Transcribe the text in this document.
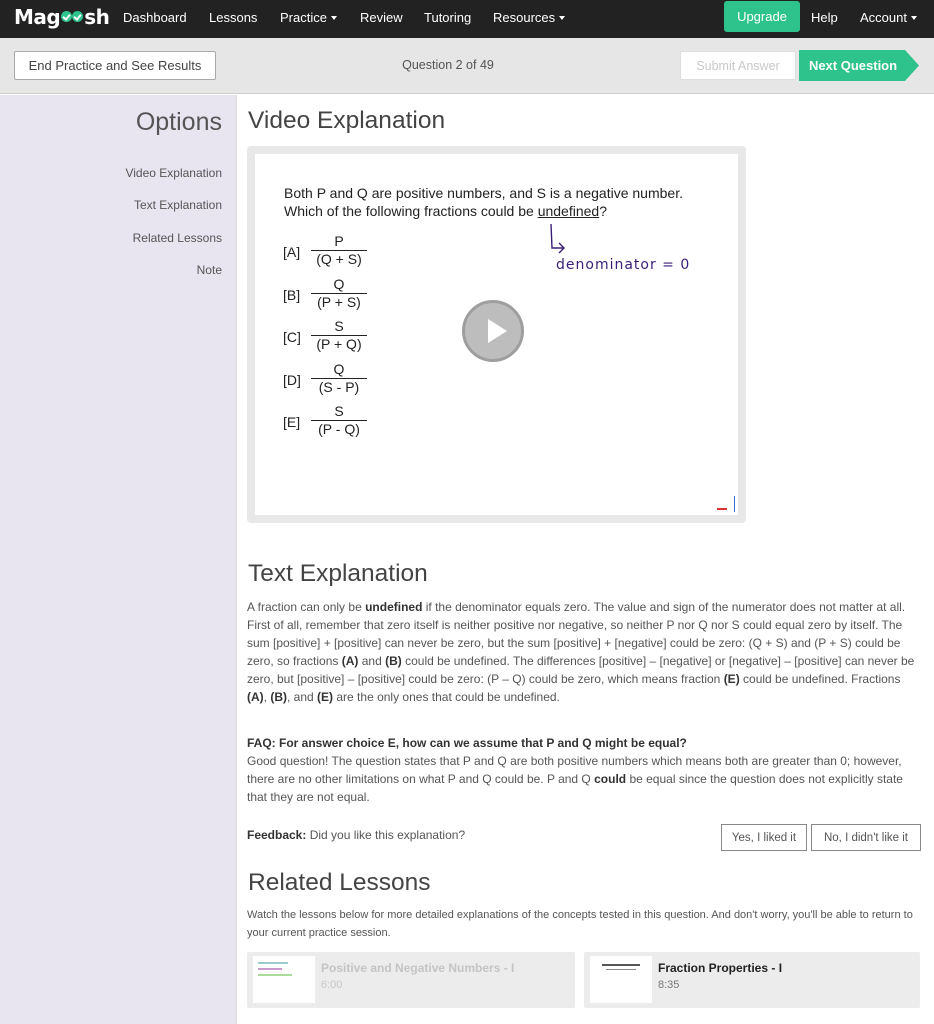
Mag sh Dashboard Lessons Practice	Review Tutoring Resources	Upgrade	Help Account
End Practice and See Results	Question 2 of 49	Submit Answer	Next Question
Options
Video Explanation
Text Explanation
Related Lessons
Note
Video Explanation
Both P and Q are positive numbers, and S is a negative number.
Which of the following fractions could be undefined?
$[A] \frac{P}{(Q + S)}$
$[B] \frac{Q}{(P + S)}$
$[C] \frac{S}{(P + Q)}$
$[D] \frac{Q}{(S - P)}$
$[E] \frac{S}{(P - Q)}$
denominator = 0
Text Explanation
A fraction can only be undefined if the denominator equals zero. The value and sign of the numerator does not matter at all. First of all, remember that zero itself is neither positive nor negative, so neither P nor Q nor S could equal zero by itself. The sum [positive] + [positive] can never be zero, but the sum [positive] + [negative] could be zero: (Q + S) and (P + S) could be zero, so fractions (A) and (B) could be undefined. The differences [positive] – [negative] or [negative] – [positive] can never be zero, but [positive] – [positive] could be zero: (P – Q) could be zero, which means fraction (E) could be undefined. Fractions (A), (B), and (E) are the only ones that could be undefined.
FAQ: For answer choice E, how can we assume that P and Q might be equal?
Good question! The question states that P and Q are both positive numbers which means both are greater than 0; however, there are no other limitations on what P and Q could be. P and Q could be equal since the question does not explicitly state that they are not equal.
Feedback: Did you like this explanation?	Yes, I liked it	No, I didn't like it
Related Lessons
Watch the lessons below for more detailed explanations of the concepts tested in this question. And don't worry, you'll be able to return to your current practice session.
Positive and Negative Numbers - I
6:00
Fraction Properties - I
8:35
